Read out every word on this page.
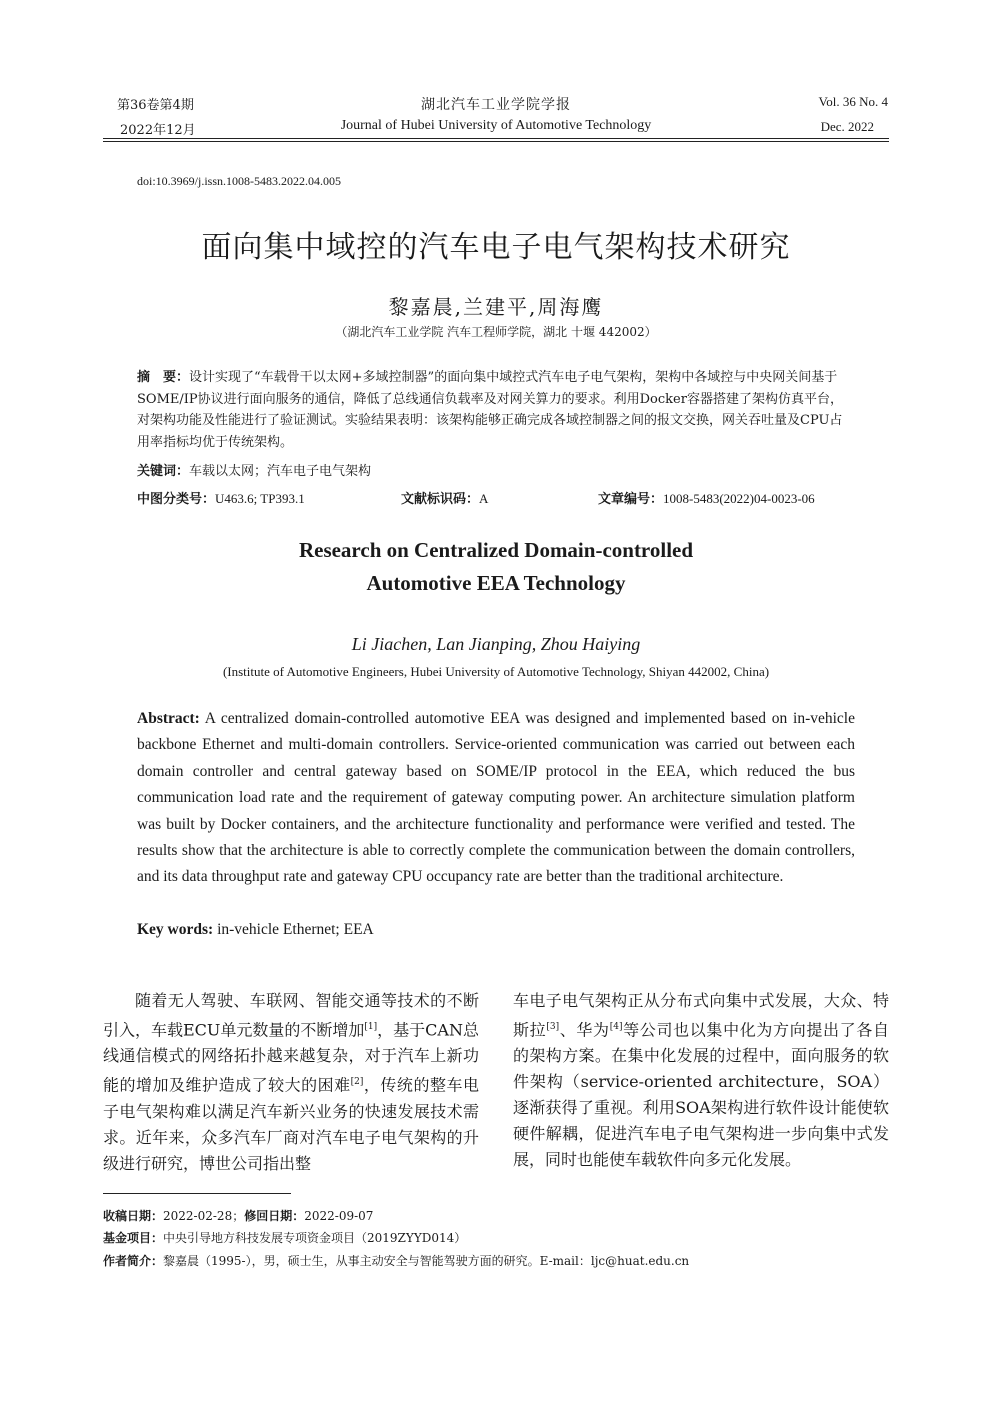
第36卷第4期	湖北汽车工业学院学报	Vol. 36 No. 4
2022年12月	Journal of Hubei University of Automotive Technology	Dec. 2022
doi:10.3969/j.issn.1008-5483.2022.04.005
面向集中域控的汽车电子电气架构技术研究
黎嘉晨,兰建平,周海鹰
（湖北汽车工业学院 汽车工程师学院，湖北 十堰 442002）
摘　要：设计实现了“车载骨干以太网+多域控制器”的面向集中域控式汽车电子电气架构，架构中各域控与中央网关间基于SOME/IP协议进行面向服务的通信，降低了总线通信负载率及对网关算力的要求。利用Docker容器搭建了架构仿真平台，对架构功能及性能进行了验证测试。实验结果表明：该架构能够正确完成各域控制器之间的报文交换，网关吞吐量及CPU占用率指标均优于传统架构。
关键词：车载以太网；汽车电子电气架构
中图分类号：U463.6; TP393.1	文献标识码：A	文章编号：1008-5483(2022)04-0023-06
Research on Centralized Domain-controlled
Automotive EEA Technology
Li Jiachen, Lan Jianping, Zhou Haiying
(Institute of Automotive Engineers, Hubei University of Automotive Technology, Shiyan 442002, China)
Abstract: A centralized domain-controlled automotive EEA was designed and implemented based on in-vehicle backbone Ethernet and multi-domain controllers. Service-oriented communication was carried out between each domain controller and central gateway based on SOME/IP protocol in the EEA, which reduced the bus communication load rate and the requirement of gateway computing power. An architecture simulation platform was built by Docker containers, and the architecture functionality and performance were verified and tested. The results show that the architecture is able to correctly complete the communication between the domain controllers, and its data throughput rate and gateway CPU occupancy rate are better than the traditional architecture.
Key words: in-vehicle Ethernet; EEA

随着无人驾驶、车联网、智能交通等技术的不断引入，车载ECU单元数量的不断增加[1]，基于CAN总线通信模式的网络拓扑越来越复杂，对于汽车上新功能的增加及维护造成了较大的困难[2]，传统的整车电子电气架构难以满足汽车新兴业务的快速发展技术需求。近年来，众多汽车厂商对汽车电子电气架构的升级进行研究，博世公司指出整

车电子电气架构正从分布式向集中式发展，大众、特斯拉[3]、华为[4]等公司也以集中化为方向提出了各自的架构方案。在集中化发展的过程中，面向服务的软件架构（service-oriented architecture，SOA）逐渐获得了重视。利用SOA架构进行软件设计能使软硬件解耦，促进汽车电子电气架构进一步向集中式发展，同时也能使车载软件向多元化发展。

收稿日期：2022-02-28；修回日期：2022-09-07
基金项目：中央引导地方科技发展专项资金项目（2019ZYYD014）
作者简介：黎嘉晨（1995-），男，硕士生，从事主动安全与智能驾驶方面的研究。E-mail：ljc@huat.edu.cn
